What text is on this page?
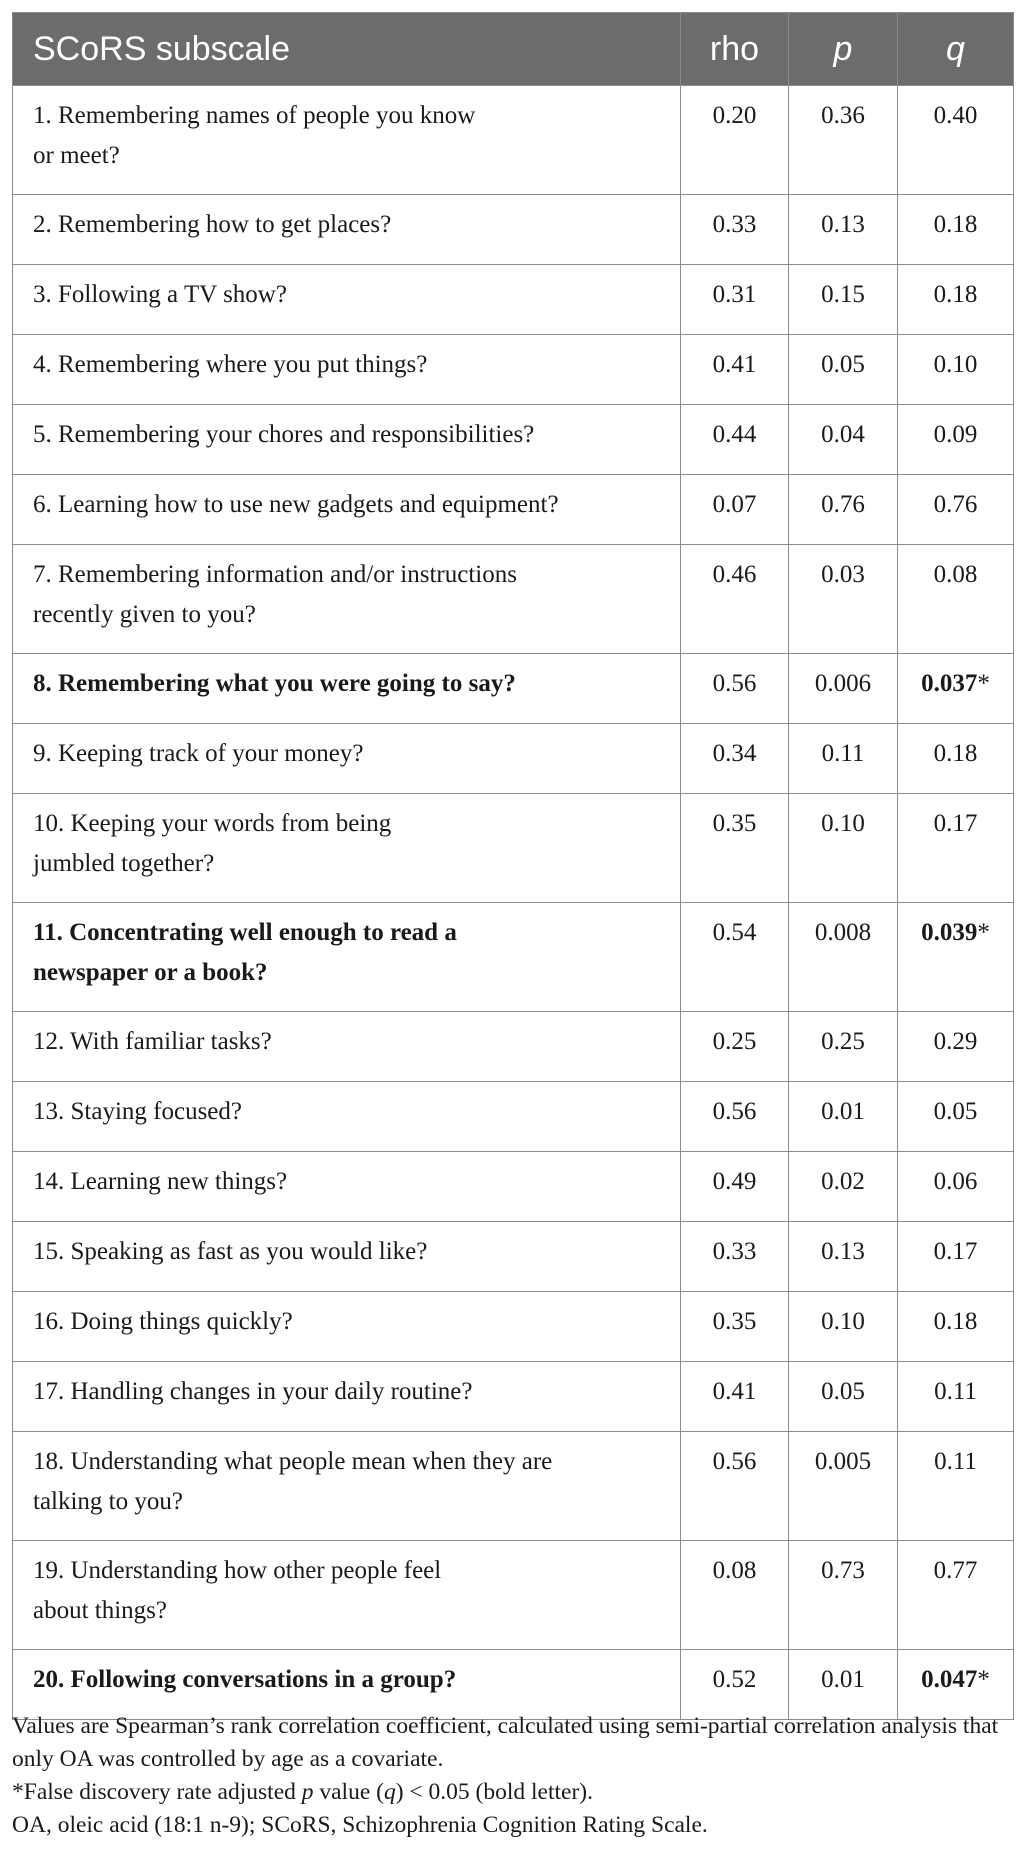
SCoRS subscale	rho	p	q
1. Remembering names of people you know
or meet?	0.20	0.36	0.40
2. Remembering how to get places?	0.33	0.13	0.18
3. Following a TV show?	0.31	0.15	0.18
4. Remembering where you put things?	0.41	0.05	0.10
5. Remembering your chores and responsibilities?	0.44	0.04	0.09
6. Learning how to use new gadgets and equipment?	0.07	0.76	0.76
7. Remembering information and/or instructions
recently given to you?	0.46	0.03	0.08
8. Remembering what you were going to say?	0.56	0.006	0.037*
9. Keeping track of your money?	0.34	0.11	0.18
10. Keeping your words from being
jumbled together?	0.35	0.10	0.17
11. Concentrating well enough to read a
newspaper or a book?	0.54	0.008	0.039*
12. With familiar tasks?	0.25	0.25	0.29
13. Staying focused?	0.56	0.01	0.05
14. Learning new things?	0.49	0.02	0.06
15. Speaking as fast as you would like?	0.33	0.13	0.17
16. Doing things quickly?	0.35	0.10	0.18
17. Handling changes in your daily routine?	0.41	0.05	0.11
18. Understanding what people mean when they are
talking to you?	0.56	0.005	0.11
19. Understanding how other people feel
about things?	0.08	0.73	0.77
20. Following conversations in a group?	0.52	0.01	0.047*

Values are Spearman’s rank correlation coefficient, calculated using semi-partial correlation analysis that only OA was controlled by age as a covariate.

*False discovery rate adjusted p value (q) < 0.05 (bold letter).

OA, oleic acid (18:1 n-9); SCoRS, Schizophrenia Cognition Rating Scale.
